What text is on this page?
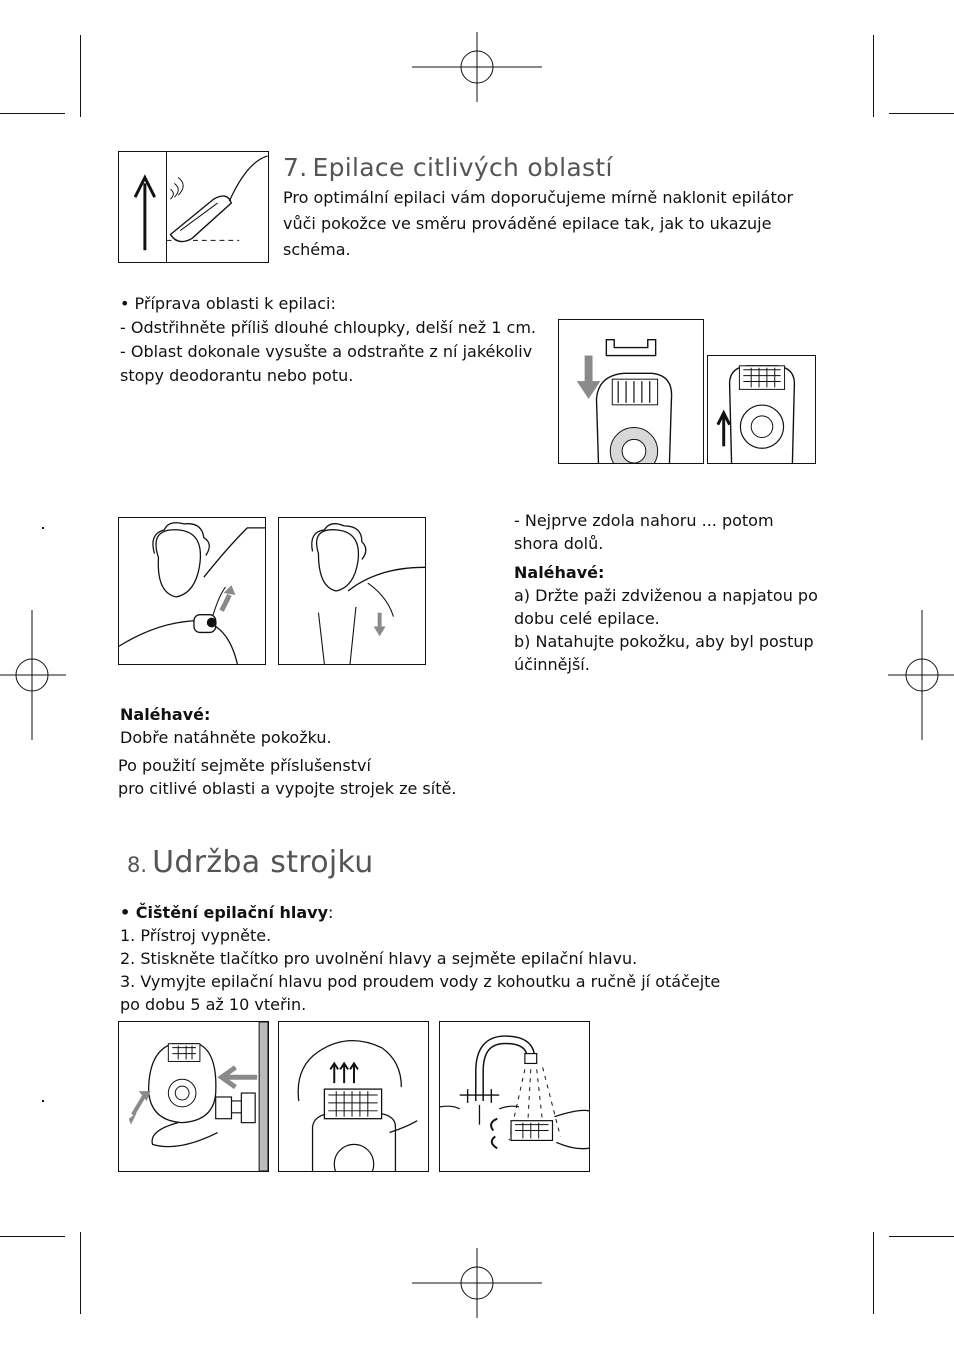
7. Epilace citlivých oblastí
Pro optimální epilaci vám doporučujeme mírně naklonit epilátor
vůči pokožce ve směru prováděné epilace tak, jak to ukazuje
schéma.
• Příprava oblasti k epilaci:
- Odstřihněte příliš dlouhé chloupky, delší než 1 cm.
- Oblast dokonale vysušte a odstraňte z ní jakékoliv
stopy deodorantu nebo potu.
- Nejprve zdola nahoru ... potom
shora dolů.
Naléhavé:
a) Držte paži zdviženou a napjatou po
dobu celé epilace.
b) Natahujte pokožku, aby byl postup
účinnější.
Naléhavé:
Dobře natáhněte pokožku.
Po použití sejměte příslušenství
pro citlivé oblasti a vypojte strojek ze sítě.
8. Udržba strojku
• Čištění epilační hlavy:
1. Přístroj vypněte.
2. Stiskněte tlačítko pro uvolnění hlavy a sejměte epilační hlavu.
3. Vymyjte epilační hlavu pod proudem vody z kohoutku a ručně jí otáčejte
po dobu 5 až 10 vteřin.
